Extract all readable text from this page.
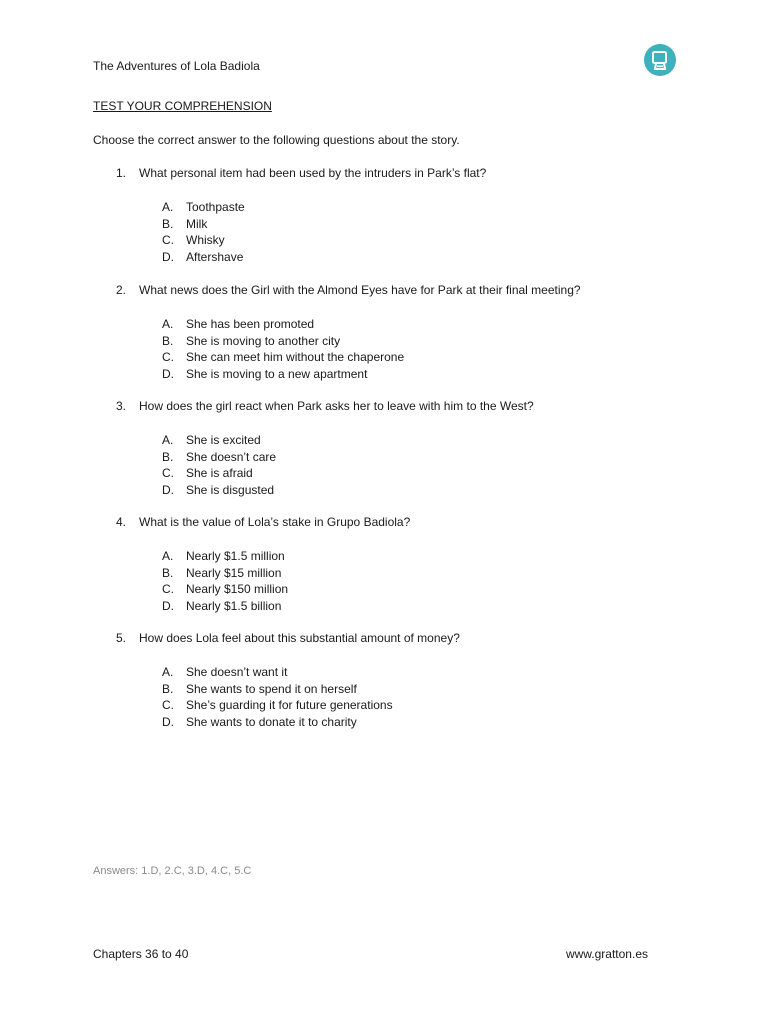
The Adventures of Lola Badiola
TEST YOUR COMPREHENSION
Choose the correct answer to the following questions about the story.
1. What personal item had been used by the intruders in Park’s flat?
A. Toothpaste
B. Milk
C. Whisky
D. Aftershave
2. What news does the Girl with the Almond Eyes have for Park at their final meeting?
A. She has been promoted
B. She is moving to another city
C. She can meet him without the chaperone
D. She is moving to a new apartment
3. How does the girl react when Park asks her to leave with him to the West?
A. She is excited
B. She doesn’t care
C. She is afraid
D. She is disgusted
4. What is the value of Lola’s stake in Grupo Badiola?
A. Nearly $1.5 million
B. Nearly $15 million
C. Nearly $150 million
D. Nearly $1.5 billion
5. How does Lola feel about this substantial amount of money?
A. She doesn’t want it
B. She wants to spend it on herself
C. She’s guarding it for future generations
D. She wants to donate it to charity
Answers: 1.D, 2.C, 3.D, 4.C, 5.C
Chapters 36 to 40	www.gratton.es
